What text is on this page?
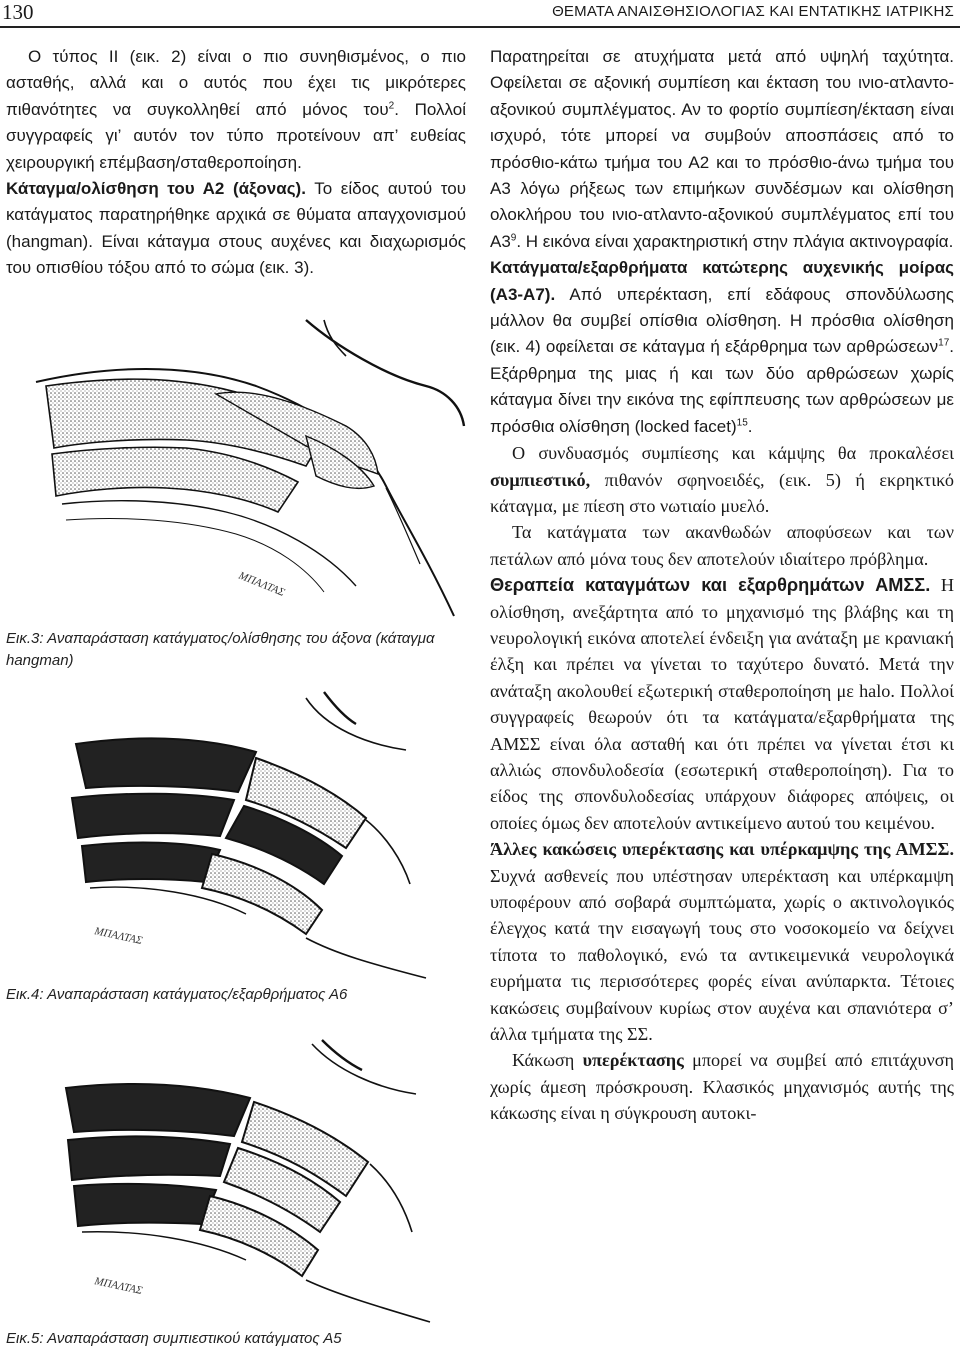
130	ΘΕΜΑΤΑ ΑΝΑΙΣΘΗΣΙΟΛΟΓΙΑΣ ΚΑΙ ΕΝΤΑΤΙΚΗΣ ΙΑΤΡΙΚΗΣ

Ο τύπος ΙΙ (εικ. 2) είναι ο πιο συνηθισμένος, ο πιο ασταθής, αλλά και ο αυτός που έχει τις μικρότερες πιθανότητες να συγκολληθεί από μόνος του$^2$. Πολλοί συγγραφείς γι’ αυτόν τον τύπο προτείνουν απ’ ευθείας χειρουργική επέμβαση/σταθεροποίηση.

Κάταγμα/ολίσθηση του Α2 (άξονας). Το είδος αυτού του κατάγματος παρατηρήθηκε αρχικά σε θύματα απαγχονισμού (hangman). Είναι κάταγμα στους αυχένες και διαχωρισμός του οπισθίου τόξου από το σώμα (εικ. 3).

ΜΠΑΛΤΑΣ
Εικ.3: Αναπαράσταση κατάγματος/ολίσθησης του άξονα (κάταγμα hangman)
ΜΠΑΛΤΑΣ
Εικ.4: Αναπαράσταση κατάγματος/εξαρθρήματος Α6
ΜΠΑΛΤΑΣ
Εικ.5: Αναπαράσταση συμπιεστικού κατάγματος Α5

Παρατηρείται σε ατυχήματα μετά από υψηλή ταχύτητα. Οφείλεται σε αξονική συμπίεση και έκταση του ινιο-ατλαντο-αξονικού συμπλέγματος. Αν το φορτίο συμπίεση/έκταση είναι ισχυρό, τότε μπορεί να συμβούν αποσπάσεις από το πρόσθιο-κάτω τμήμα του Α2 και το πρόσθιο-άνω τμήμα του Α3 λόγω ρήξεως των επιμήκων συνδέσμων και ολίσθηση ολοκλήρου του ινιο-ατλαντο-αξονικού συμπλέγματος επί του $A3^9$. Η εικόνα είναι χαρακτηριστική στην πλάγια ακτινογραφία.

Κατάγματα/εξαρθρήματα κατώτερης αυχενικής μοίρας (Α3-Α7). Από υπερέκταση, επί εδάφους σπονδύλωσης μάλλον θα συμβεί οπίσθια ολίσθηση. Η πρόσθια ολίσθηση (εικ. 4) οφείλεται σε κάταγμα ή εξάρθρημα των αρθρώσεων$^{17}$. Εξάρθρημα της μιας ή και των δύο αρθρώσεων χωρίς κάταγμα δίνει την εικόνα της εφίππευσης των αρθρώσεων με πρόσθια ολίσθηση (locked facet)$^{15}$.

Ο συνδυασμός συμπίεσης και κάμψης θα προκαλέσει συμπιεστικό, πιθανόν σφηνοειδές, (εικ. 5) ή εκρηκτικό κάταγμα, με πίεση στο νωτιαίο μυελό.

Τα κατάγματα των ακανθωδών αποφύσεων και των πετάλων από μόνα τους δεν αποτελούν ιδιαίτερο πρόβλημα.

Θεραπεία καταγμάτων και εξαρθρημάτων ΑΜΣΣ. Η ολίσθηση, ανεξάρτητα από το μηχανισμό της βλάβης και τη νευρολογική εικόνα αποτελεί ένδειξη για ανάταξη με κρανιακή έλξη και πρέπει να γίνεται το ταχύτερο δυνατό. Μετά την ανάταξη ακολουθεί εξωτερική σταθεροποίηση με halo. Πολλοί συγγραφείς θεωρούν ότι τα κατάγματα/εξαρθρήματα της ΑΜΣΣ είναι όλα ασταθή και ότι πρέπει να γίνεται έτσι κι αλλιώς σπονδυλοδεσία (εσωτερική σταθεροποίηση). Για το είδος της σπονδυλοδεσίας υπάρχουν διάφορες απόψεις, οι οποίες όμως δεν αποτελούν αντικείμενο αυτού του κειμένου.

Άλλες κακώσεις υπερέκτασης και υπέρκαμψης της ΑΜΣΣ. Συχνά ασθενείς που υπέστησαν υπερέκταση και υπέρκαμψη υποφέρουν από σοβαρά συμπτώματα, χωρίς ο ακτινολογικός έλεγχος κατά την εισαγωγή τους στο νοσοκομείο να δείχνει τίποτα το παθολογικό, ενώ τα αντικειμενικά νευρολογικά ευρήματα τις περισσότερες φορές είναι ανύπαρκτα. Τέτοιες κακώσεις συμβαίνουν κυρίως στον αυχένα και σπανιότερα σ’ άλλα τμήματα της ΣΣ.

Κάκωση υπερέκτασης μπορεί να συμβεί από επιτάχυνση χωρίς άμεση πρόσκρουση. Κλασικός μηχανισμός αυτής της κάκωσης είναι η σύγκρουση αυτοκι-
